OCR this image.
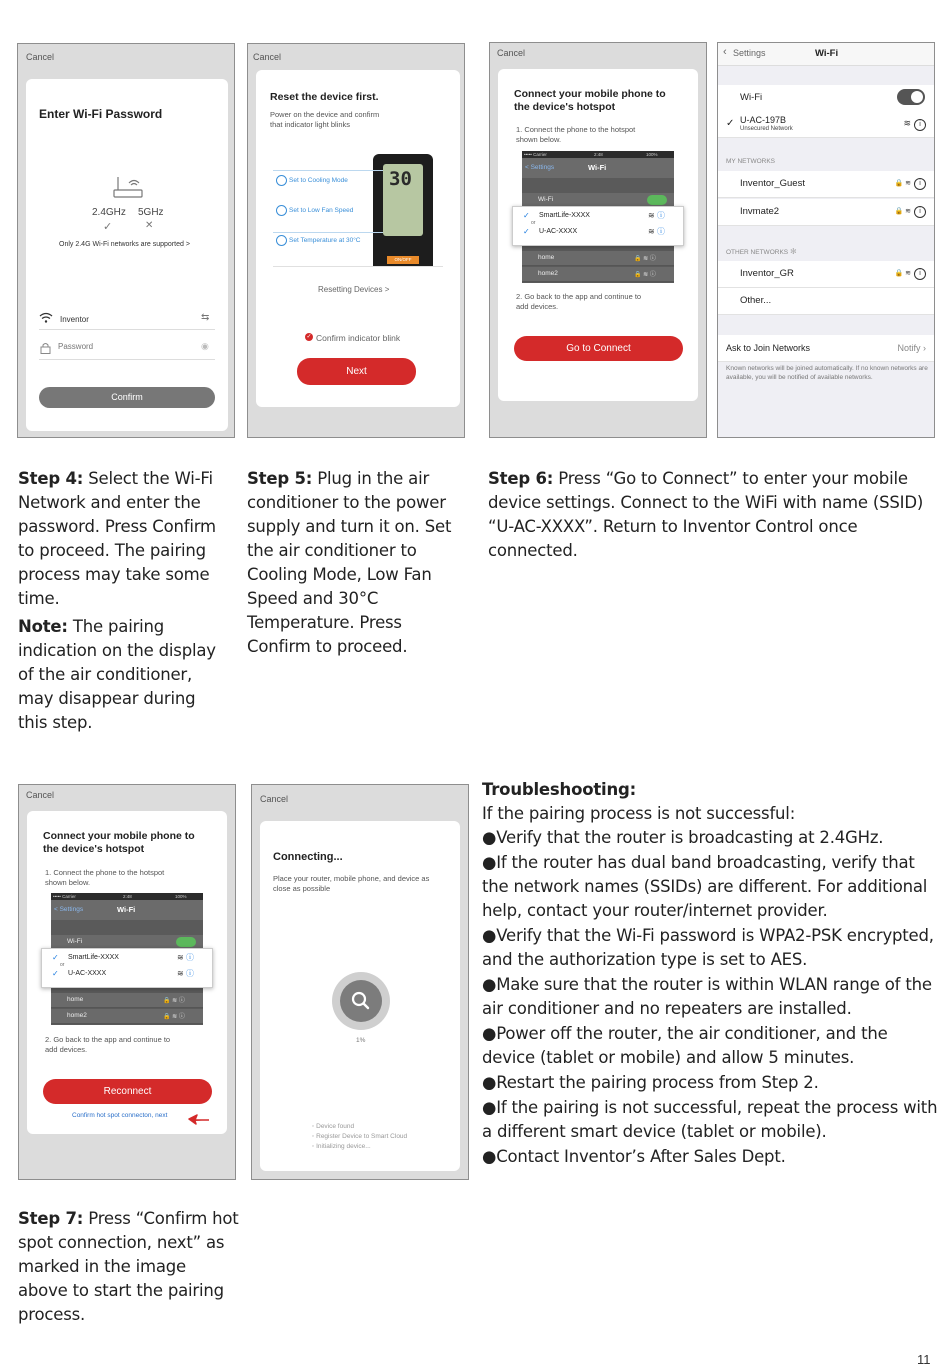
Cancel
Enter Wi-Fi Password
2.4GHz 5GHz
✓	✕
Only 2.4G Wi-Fi networks are supported >
Inventor	⇆
Password
◉
Confirm
Cancel
Reset the device first.
Power on the device and confirm
that indicator light blinks
30
ON/OFF
Set to Cooling Mode
Set to Low Fan Speed
Set Temperature at 30°C
Resetting Devices >
✓ Confirm indicator blink
Next
Cancel
Connect your mobile phone to
the device's hotspot
1. Connect the phone to the hotspot
shown below.
••••• Carrier	2:48	100%
< Settings	Wi-Fi
Wi-Fi
home	🔒 ≋ ⓘ
home2	🔒 ≋ ⓘ
✓ SmartLife-XXXX
or
✓ U-AC-XXXX
≋ ⓘ
≋ ⓘ
2. Go back to the app and continue to
add devices.
Go to Connect
‹ Settings	Wi-Fi
Wi-Fi
✓ U-AC-197B
Unsecured Network
≋ i
MY NETWORKS
Inventor_Guest	🔒 ≋ i
Invmate2	🔒 ≋ i
OTHER NETWORKS ✻
Inventor_GR	🔒 ≋ i
Other...
Ask to Join Networks	Notify ›
Known networks will be joined automatically. If no known networks are available, you will be notified of available networks.
Step 4: Select the Wi-Fi Network and enter the password. Press Confirm to proceed. The pairing process may take some time.
Note: The pairing indication on the display of the air conditioner, may disappear during this step.
Step 5: Plug in the air conditioner to the power supply and turn it on. Set the air conditioner to Cooling Mode, Low Fan Speed and 30°C Temperature. Press Confirm to proceed.
Step 6: Press “Go to Connect” to enter your mobile device settings. Connect to the WiFi with name (SSID) “U-AC-XXXX”. Return to Inventor Control once connected.
Cancel
Connect your mobile phone to
the device's hotspot
1. Connect the phone to the hotspot
shown below.
••••• Carrier	2:48	100%
< Settings	Wi-Fi
Wi-Fi
home	🔒 ≋ ⓘ
home2	🔒 ≋ ⓘ
✓ SmartLife-XXXX
or
✓ U-AC-XXXX
≋ ⓘ
≋ ⓘ
2. Go back to the app and continue to
add devices.
Reconnect
Confirm hot spot connecton, next
Cancel
Connecting...
Place your router, mobile phone, and device as
close as possible
1%
◦ Device found
◦ Register Device to Smart Cloud
◦ Initializing device...
Troubleshooting:
If the pairing process is not successful:
●Verify that the router is broadcasting at 2.4GHz.
●If the router has dual band broadcasting, verify that the network names (SSIDs) are different. For additional help, contact your router/internet provider.
●Verify that the Wi-Fi password is WPA2-PSK encrypted, and the authorization type is set to AES.
●Make sure that the router is within WLAN range of the air conditioner and no repeaters are installed.
●Power off the router, the air conditioner, and the device (tablet or mobile) and allow 5 minutes.
●Restart the pairing process from Step 2.
●If the pairing is not successful, repeat the process with a different smart device (tablet or mobile).
●Contact Inventor’s After Sales Dept.
Step 7: Press “Confirm hot spot connection, next” as marked in the image above to start the pairing process.
11
